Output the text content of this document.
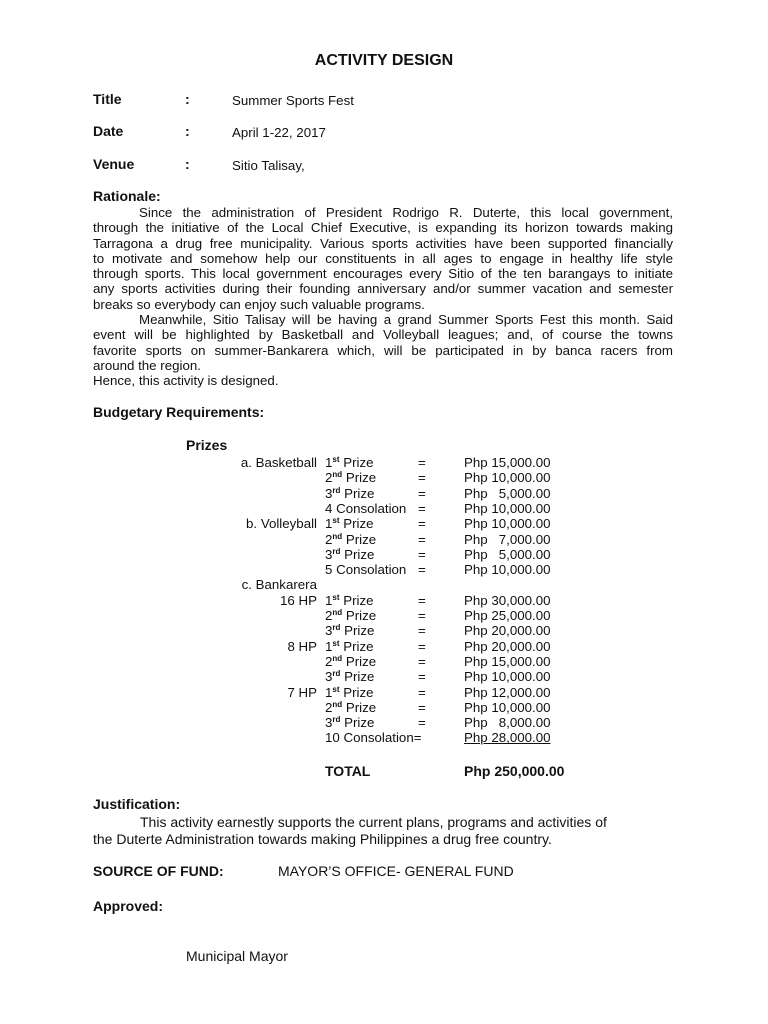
ACTIVITY DESIGN
Title	:	Summer Sports Fest
Date	:	April 1-22, 2017
Venue	:	Sitio Talisay,
Rationale:
Since the administration of President Rodrigo R. Duterte, this local government,
through the initiative of the Local Chief Executive, is expanding its horizon towards making
Tarragona a drug free municipality. Various sports activities have been supported financially
to motivate and somehow help our constituents in all ages to engage in healthy life style
through sports. This local government encourages every Sitio of the ten barangays to initiate
any sports activities during their founding anniversary and/or summer vacation and semester
breaks so everybody can enjoy such valuable programs.
Meanwhile, Sitio Talisay will be having a grand Summer Sports Fest this month. Said
event will be highlighted by Basketball and Volleyball leagues; and, of course the towns
favorite sports on summer-Bankarera which, will be participated in by banca racers from
around the region.
Hence, this activity is designed.
Budgetary Requirements:
Prizes
a. Basketball 1st Prize	=	Php 15,000.00
2nd Prize	=	Php 10,000.00
3rd Prize	=	Php   5,000.00
4 Consolation =	Php 10,000.00
b. Volleyball 1st Prize	=	Php 10,000.00
2nd Prize	=	Php   7,000.00
3rd Prize	=	Php   5,000.00
5 Consolation =	Php 10,000.00
c. Bankarera
16 HP 1st Prize	=	Php 30,000.00
2nd Prize	=	Php 25,000.00
3rd Prize	=	Php 20,000.00
8 HP 1st Prize	=	Php 20,000.00
2nd Prize	=	Php 15,000.00
3rd Prize	=	Php 10,000.00
7 HP 1st Prize	=	Php 12,000.00
2nd Prize	=	Php 10,000.00
3rd Prize	=	Php   8,000.00
10 Consolation=	Php 28,000.00
TOTAL	Php 250,000.00
Justification:
This activity earnestly supports the current plans, programs and activities of
the Duterte Administration towards making Philippines a drug free country.
SOURCE OF FUND:	MAYOR’S OFFICE- GENERAL FUND
Approved:
Municipal Mayor
